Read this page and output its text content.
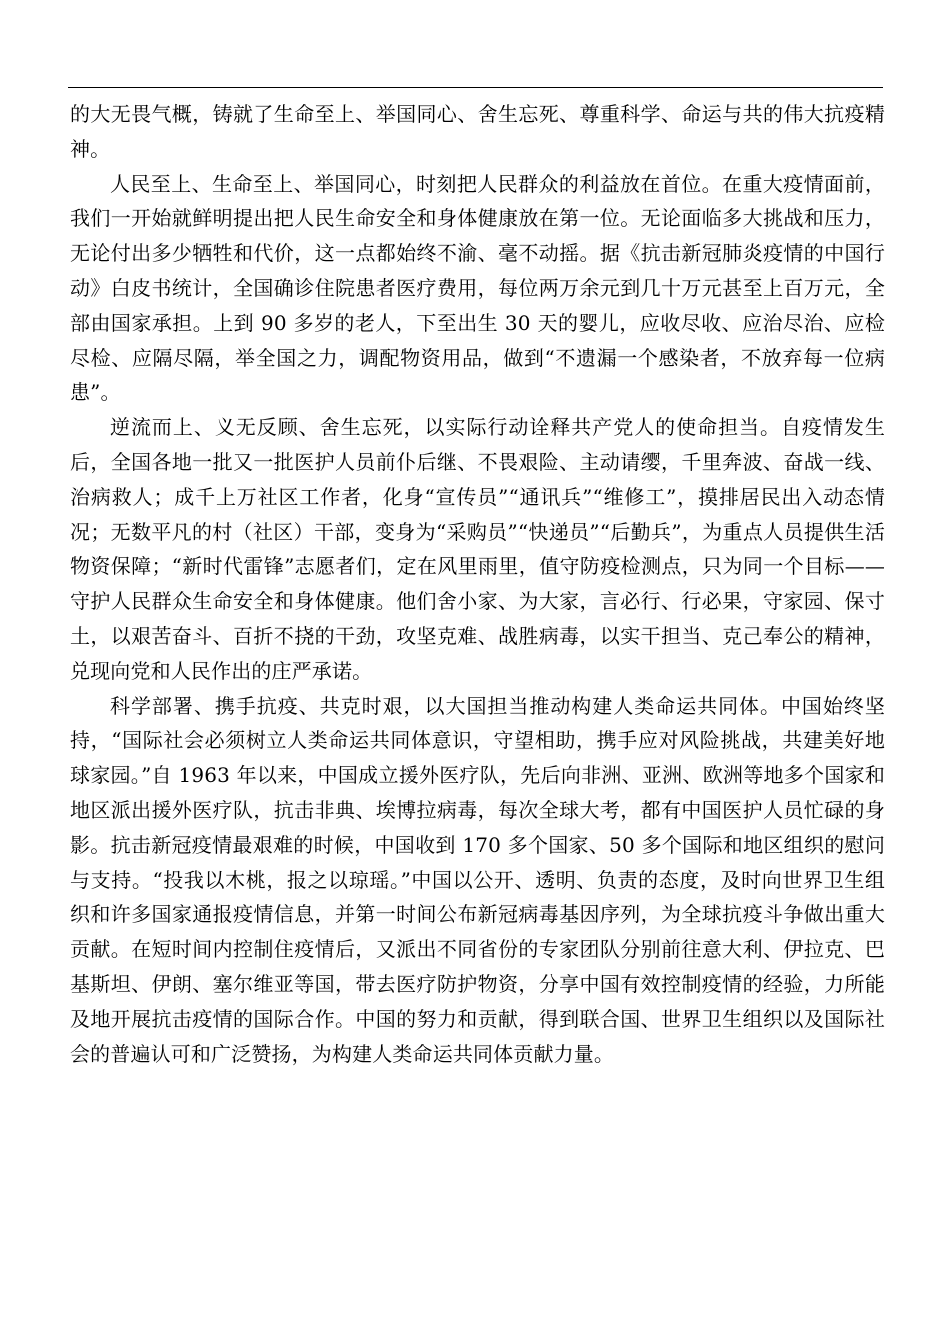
的大无畏气概，铸就了生命至上、举国同心、舍生忘死、尊重科学、命运与共的伟大抗疫精神。

人民至上、生命至上、举国同心，时刻把人民群众的利益放在首位。在重大疫情面前，我们一开始就鲜明提出把人民生命安全和身体健康放在第一位。无论面临多大挑战和压力，无论付出多少牺牲和代价，这一点都始终不渝、毫不动摇。据《抗击新冠肺炎疫情的中国行动》白皮书统计，全国确诊住院患者医疗费用，每位两万余元到几十万元甚至上百万元，全部由国家承担。上到 90 多岁的老人，下至出生 30 天的婴儿，应收尽收、应治尽治、应检尽检、应隔尽隔，举全国之力，调配物资用品，做到“不遗漏一个感染者，不放弃每一位病患”。

逆流而上、义无反顾、舍生忘死，以实际行动诠释共产党人的使命担当。自疫情发生后，全国各地一批又一批医护人员前仆后继、不畏艰险、主动请缨，千里奔波、奋战一线、治病救人；成千上万社区工作者，化身“宣传员”“通讯兵”“维修工”，摸排居民出入动态情况；无数平凡的村（社区）干部，变身为“采购员”“快递员”“后勤兵”，为重点人员提供生活物资保障；“新时代雷锋”志愿者们，定在风里雨里，值守防疫检测点，只为同一个目标——守护人民群众生命安全和身体健康。他们舍小家、为大家，言必行、行必果，守家园、保寸土，以艰苦奋斗、百折不挠的干劲，攻坚克难、战胜病毒，以实干担当、克己奉公的精神，兑现向党和人民作出的庄严承诺。

科学部署、携手抗疫、共克时艰，以大国担当推动构建人类命运共同体。中国始终坚持，“国际社会必须树立人类命运共同体意识，守望相助，携手应对风险挑战，共建美好地球家园。”自 1963 年以来，中国成立援外医疗队，先后向非洲、亚洲、欧洲等地多个国家和地区派出援外医疗队，抗击非典、埃博拉病毒，每次全球大考，都有中国医护人员忙碌的身影。抗击新冠疫情最艰难的时候，中国收到 170 多个国家、50 多个国际和地区组织的慰问与支持。“投我以木桃，报之以琼瑶。”中国以公开、透明、负责的态度，及时向世界卫生组织和许多国家通报疫情信息，并第一时间公布新冠病毒基因序列，为全球抗疫斗争做出重大贡献。在短时间内控制住疫情后，又派出不同省份的专家团队分别前往意大利、伊拉克、巴基斯坦、伊朗、塞尔维亚等国，带去医疗防护物资，分享中国有效控制疫情的经验，力所能及地开展抗击疫情的国际合作。中国的努力和贡献，得到联合国、世界卫生组织以及国际社会的普遍认可和广泛赞扬，为构建人类命运共同体贡献力量。
